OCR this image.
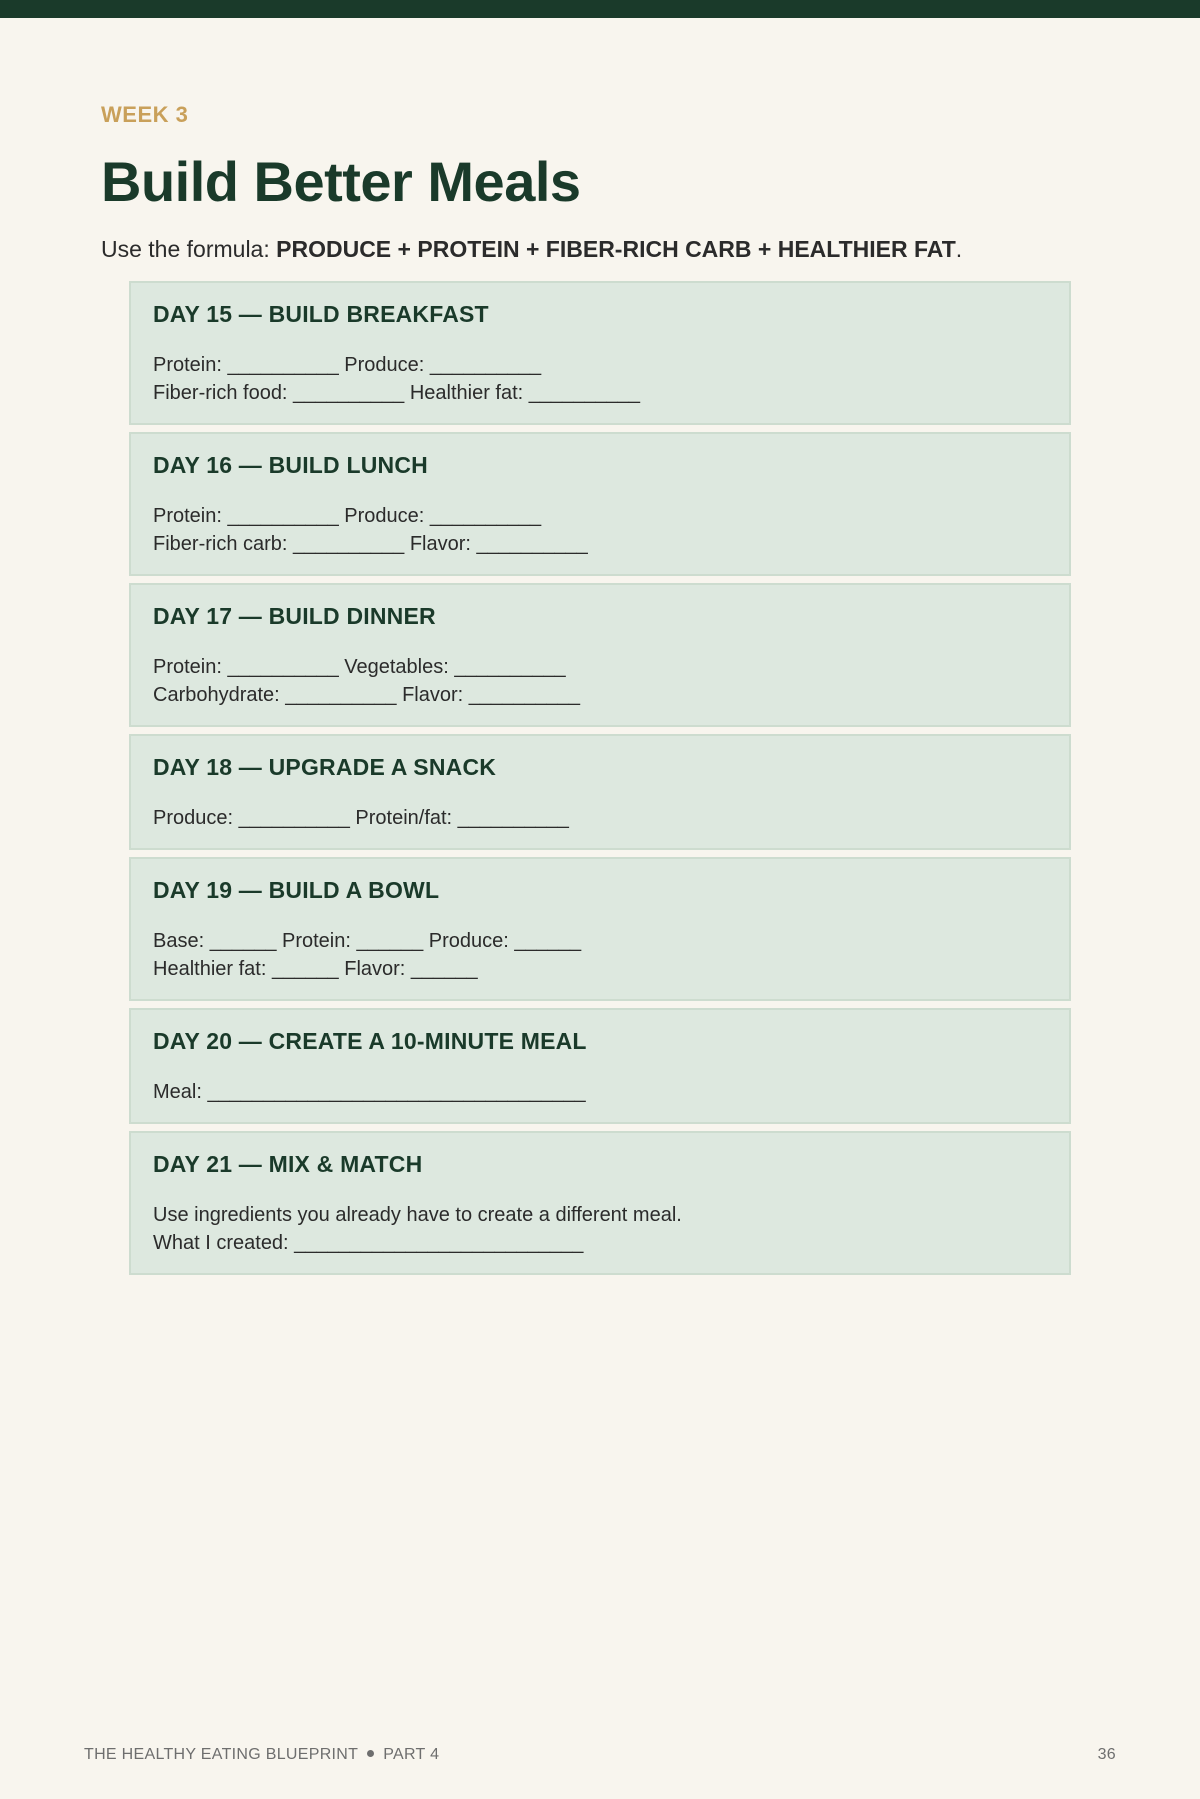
WEEK 3

Build Better Meals

Use the formula: PRODUCE + PROTEIN + FIBER-RICH CARB + HEALTHIER FAT.

DAY 15 — BUILD BREAKFAST

Protein: __________ Produce: __________

Fiber-rich food: __________ Healthier fat: __________

DAY 16 — BUILD LUNCH

Protein: __________ Produce: __________

Fiber-rich carb: __________ Flavor: __________

DAY 17 — BUILD DINNER

Protein: __________ Vegetables: __________

Carbohydrate: __________ Flavor: __________

DAY 18 — UPGRADE A SNACK

Produce: __________ Protein/fat: __________

DAY 19 — BUILD A BOWL

Base: ______ Protein: ______ Produce: ______

Healthier fat: ______ Flavor: ______

DAY 20 — CREATE A 10-MINUTE MEAL

Meal: __________________________________

DAY 21 — MIX & MATCH

Use ingredients you already have to create a different meal.

What I created: __________________________

THE HEALTHY EATING BLUEPRINT PART 4	36
